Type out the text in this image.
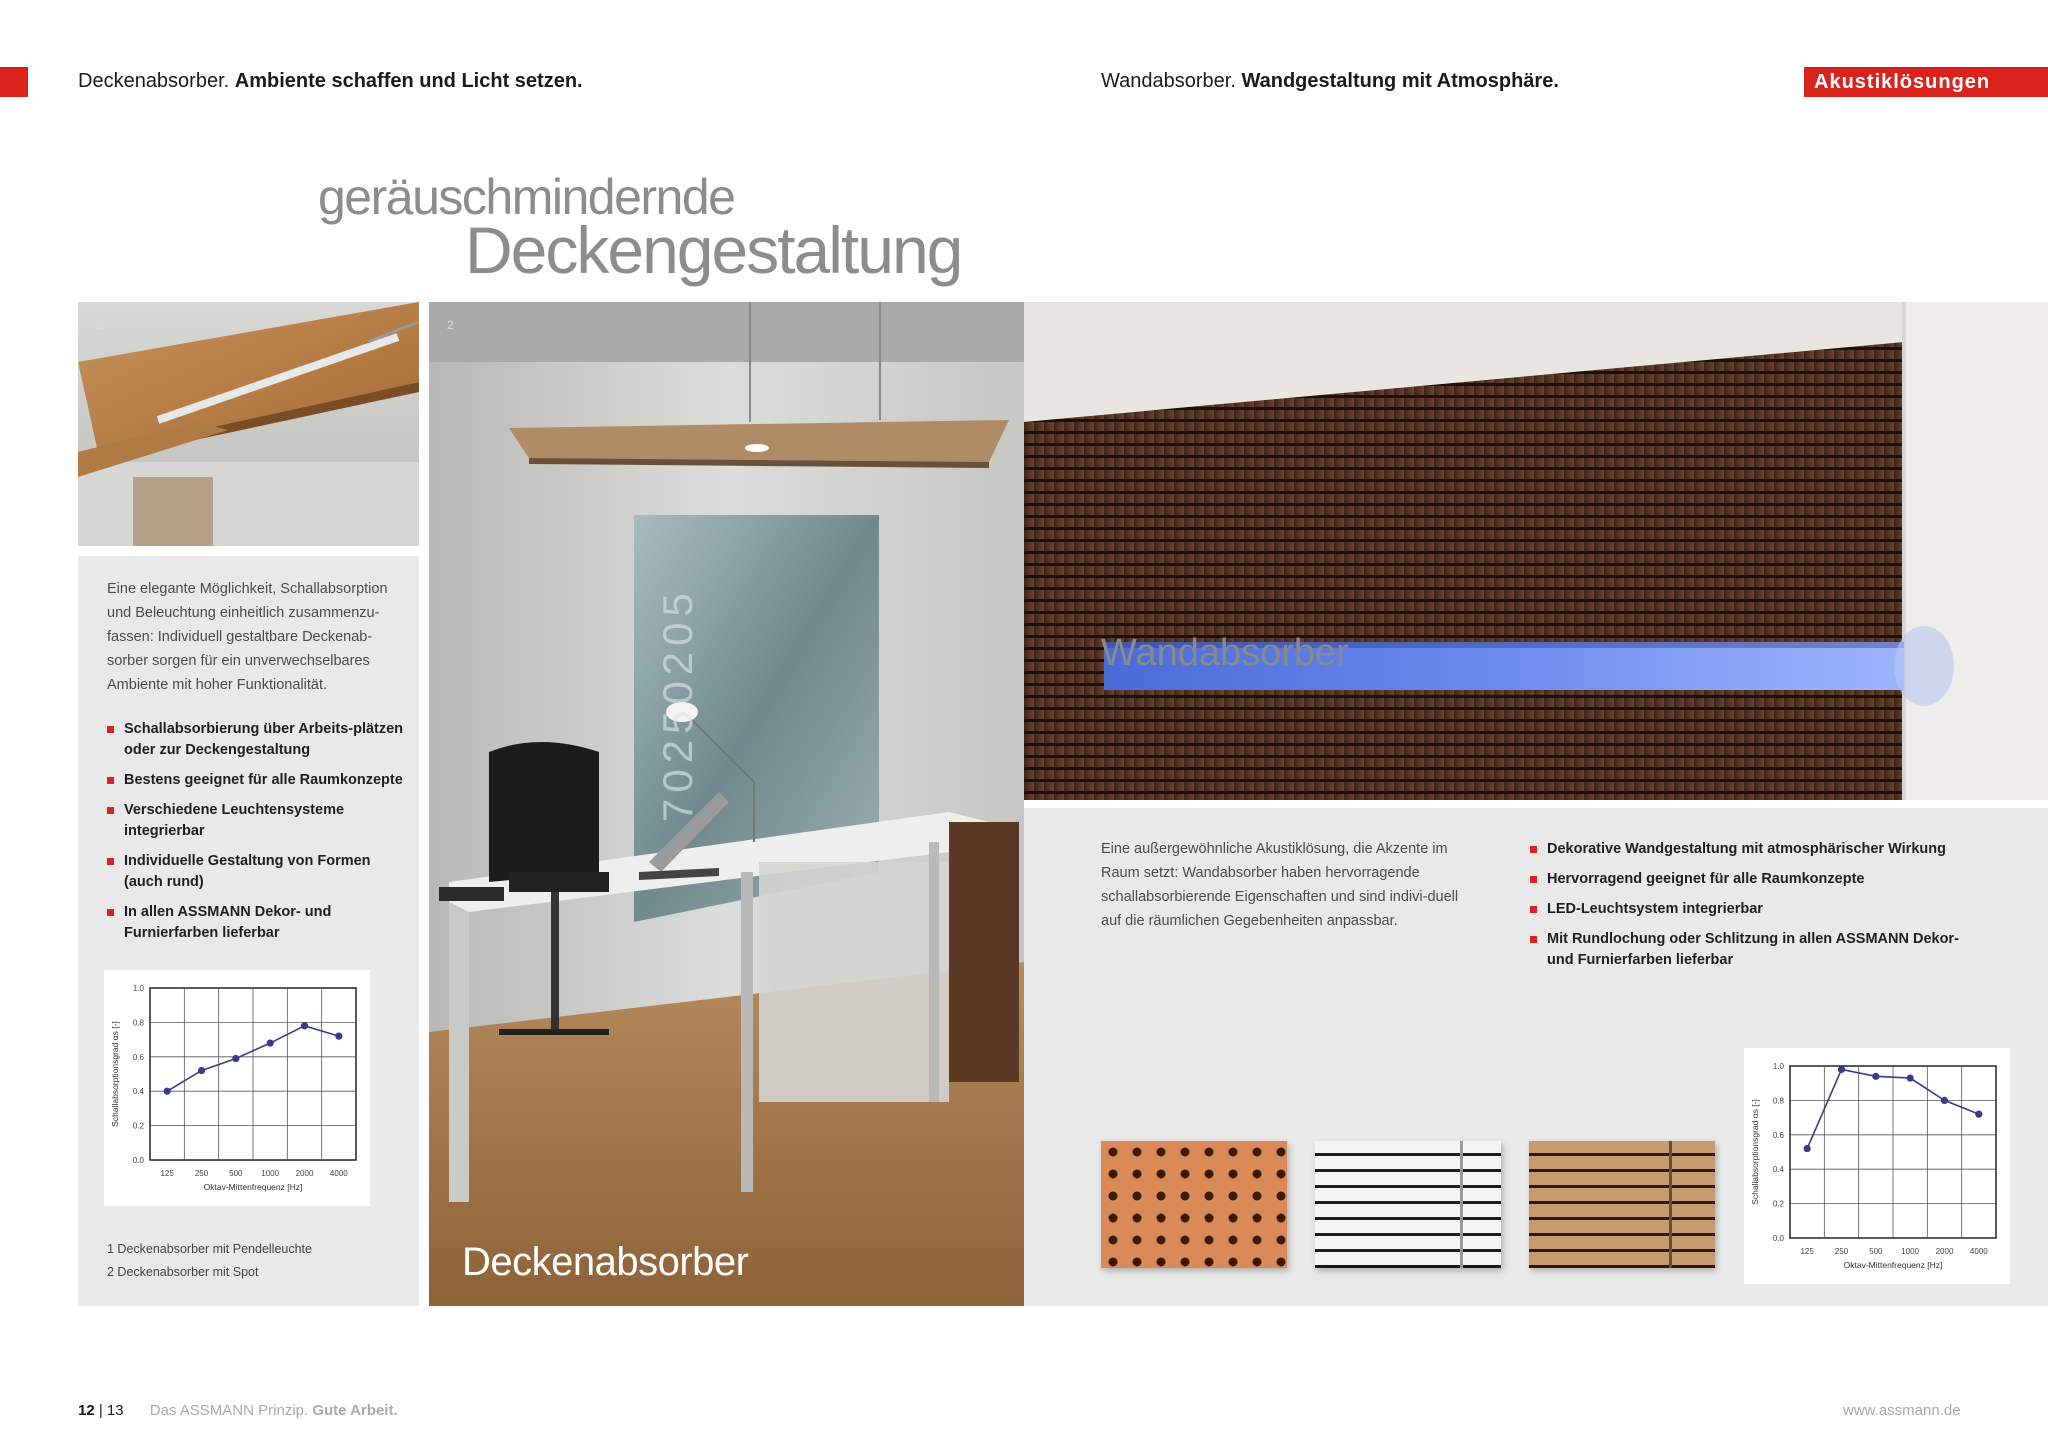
Deckenabsorber. Ambiente schaffen und Licht setzen.	Wandabsorber. Wandgestaltung mit Atmosphäre.	Akustiklösungen
geräuschmindernde
Deckengestaltung
1
Eine elegante Möglichkeit, Schallabsorption und Beleuchtung einheitlich zusammenzu-fassen: Individuell gestaltbare Deckenab-sorber sorgen für ein unverwechselbares Ambiente mit hoher Funktionalität.
Schallabsorbierung über Arbeits-plätzen oder zur Deckengestaltung
Bestens geeignet für alle Raumkonzepte
Verschiedene Leuchtensysteme integrierbar
Individuelle Gestaltung von Formen (auch rund)
In allen ASSMANN Dekor- und Furnierfarben lieferbar
0.0
0.2
0.4
0.6
0.8
1.0
125	250	500 1000 2000 4000
Oktav-Mittenfrequenz [Hz]
Schallabsorptionsgrad αs [-]
1 Deckenabsorber mit Pendelleuchte
2 Deckenabsorber mit Spot
2
70250205
Deckenabsorber
Wandabsorber
Eine außergewöhnliche Akustiklösung, die Akzente im Raum setzt: Wandabsorber haben hervorragende schallabsorbierende Eigenschaften und sind indivi-duell auf die räumlichen Gegebenheiten anpassbar.
Dekorative Wandgestaltung mit atmosphärischer Wirkung
Hervorragend geeignet für alle Raumkonzepte
LED-Leuchtsystem integrierbar
Mit Rundlochung oder Schlitzung in allen ASSMANN Dekor- und Furnierfarben lieferbar
0.0
0.2
0.4
0.6
0.8
1.0
125	250	500 1000 2000 4000
Oktav-Mittenfrequenz [Hz]
Schallabsorptionsgrad αs [-]
12 | 13 Das ASSMANN Prinzip. Gute Arbeit.	www.assmann.de
